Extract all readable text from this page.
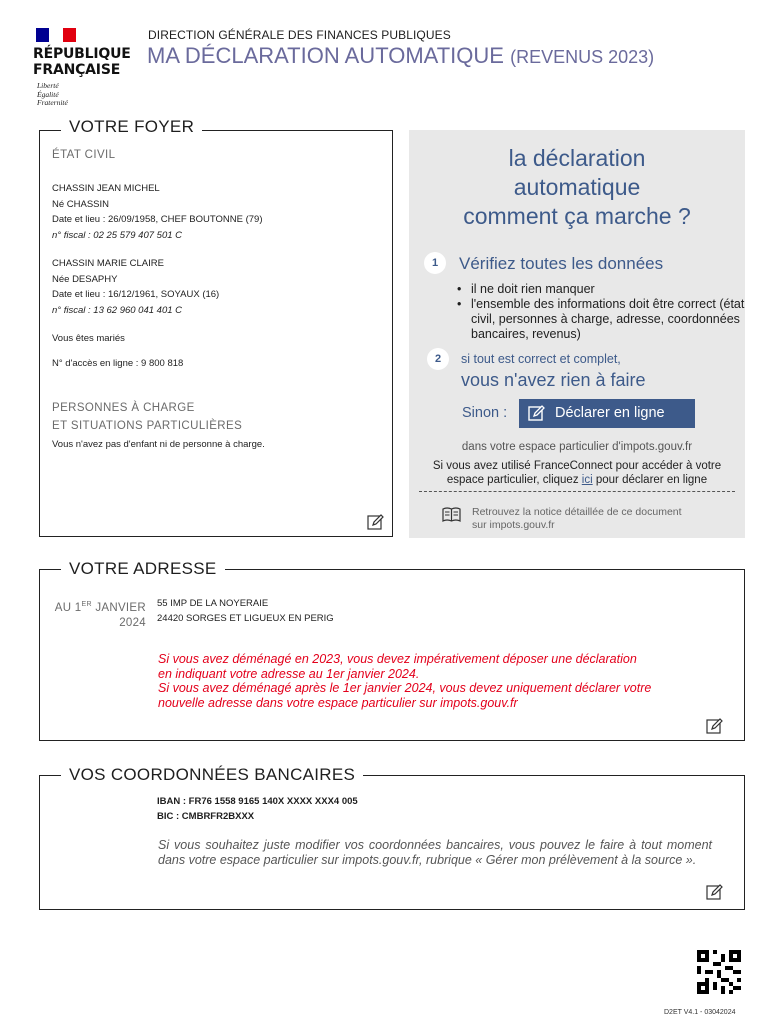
RÉPUBLIQUE
FRANÇAISE
Liberté
Égalité
Fraternité
DIRECTION GÉNÉRALE DES FINANCES PUBLIQUES
MA DÉCLARATION AUTOMATIQUE (REVENUS 2023)
ÉTAT CIVIL
CHASSIN JEAN MICHEL
Né CHASSIN
Date et lieu : 26/09/1958, CHEF BOUTONNE (79)
n° fiscal : 02 25 579 407 501 C
CHASSIN MARIE CLAIRE
Née DESAPHY
Date et lieu : 16/12/1961, SOYAUX (16)
n° fiscal : 13 62 960 041 401 C
Vous êtes mariés
N° d'accès en ligne : 9 800 818
PERSONNES À CHARGE
ET SITUATIONS PARTICULIÈRES
Vous n'avez pas d'enfant ni de personne à charge.
VOTRE FOYER
la déclaration
automatique
comment ça marche ?
1	Vérifiez toutes les données
• il ne doit rien manquer
• l'ensemble des informations doit être correct (état civil, personnes à charge, adresse, coordonnées bancaires, revenus)
2	si tout est correct et complet,
vous n'avez rien à faire
Sinon :	Déclarer en ligne
dans votre espace particulier d'impots.gouv.fr
Si vous avez utilisé FranceConnect pour accéder à votre
espace particulier, cliquez ici pour déclarer en ligne
Retrouvez la notice détaillée de ce document
sur impots.gouv.fr
AU 1ER JANVIER
2024
55 IMP DE LA NOYERAIE
24420 SORGES ET LIGUEUX EN PERIG
Si vous avez déménagé en 2023, vous devez impérativement déposer une déclaration
en indiquant votre adresse au 1er janvier 2024.
Si vous avez déménagé après le 1er janvier 2024, vous devez uniquement déclarer votre
nouvelle adresse dans votre espace particulier sur impots.gouv.fr
VOTRE ADRESSE
IBAN : FR76 1558 9165 140X XXXX XXX4 005
BIC : CMBRFR2BXXX
Si vous souhaitez juste modifier vos coordonnées bancaires, vous pouvez le faire à tout moment dans votre espace particulier sur impots.gouv.fr, rubrique « Gérer mon prélèvement à la source ».
VOS COORDONNÉES BANCAIRES
D2ET V4.1 - 03042024
